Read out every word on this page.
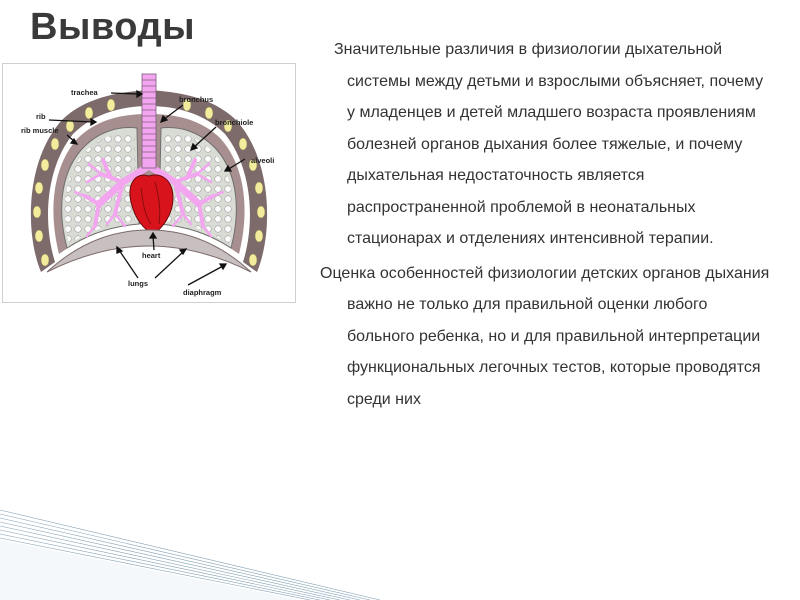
Выводы
trachea
rib
rib muscle
bronchus
bronchiole
alveoli
heart
lungs
diaphragm

Значительные различия в физиологии дыхательной системы между детьми и взрослыми объясняет, почему у младенцев и детей младшего возраста проявлениям болезней органов дыхания более тяжелые, и почему дыхательная недостаточность является распространенной проблемой в неонатальных стационарах и отделениях интенсивной терапии.

Оценка особенностей физиологии детских органов дыхания важно не только для правильной оценки любого больного ребенка, но и для правильной интерпретации функциональных легочных тестов, которые проводятся среди них
